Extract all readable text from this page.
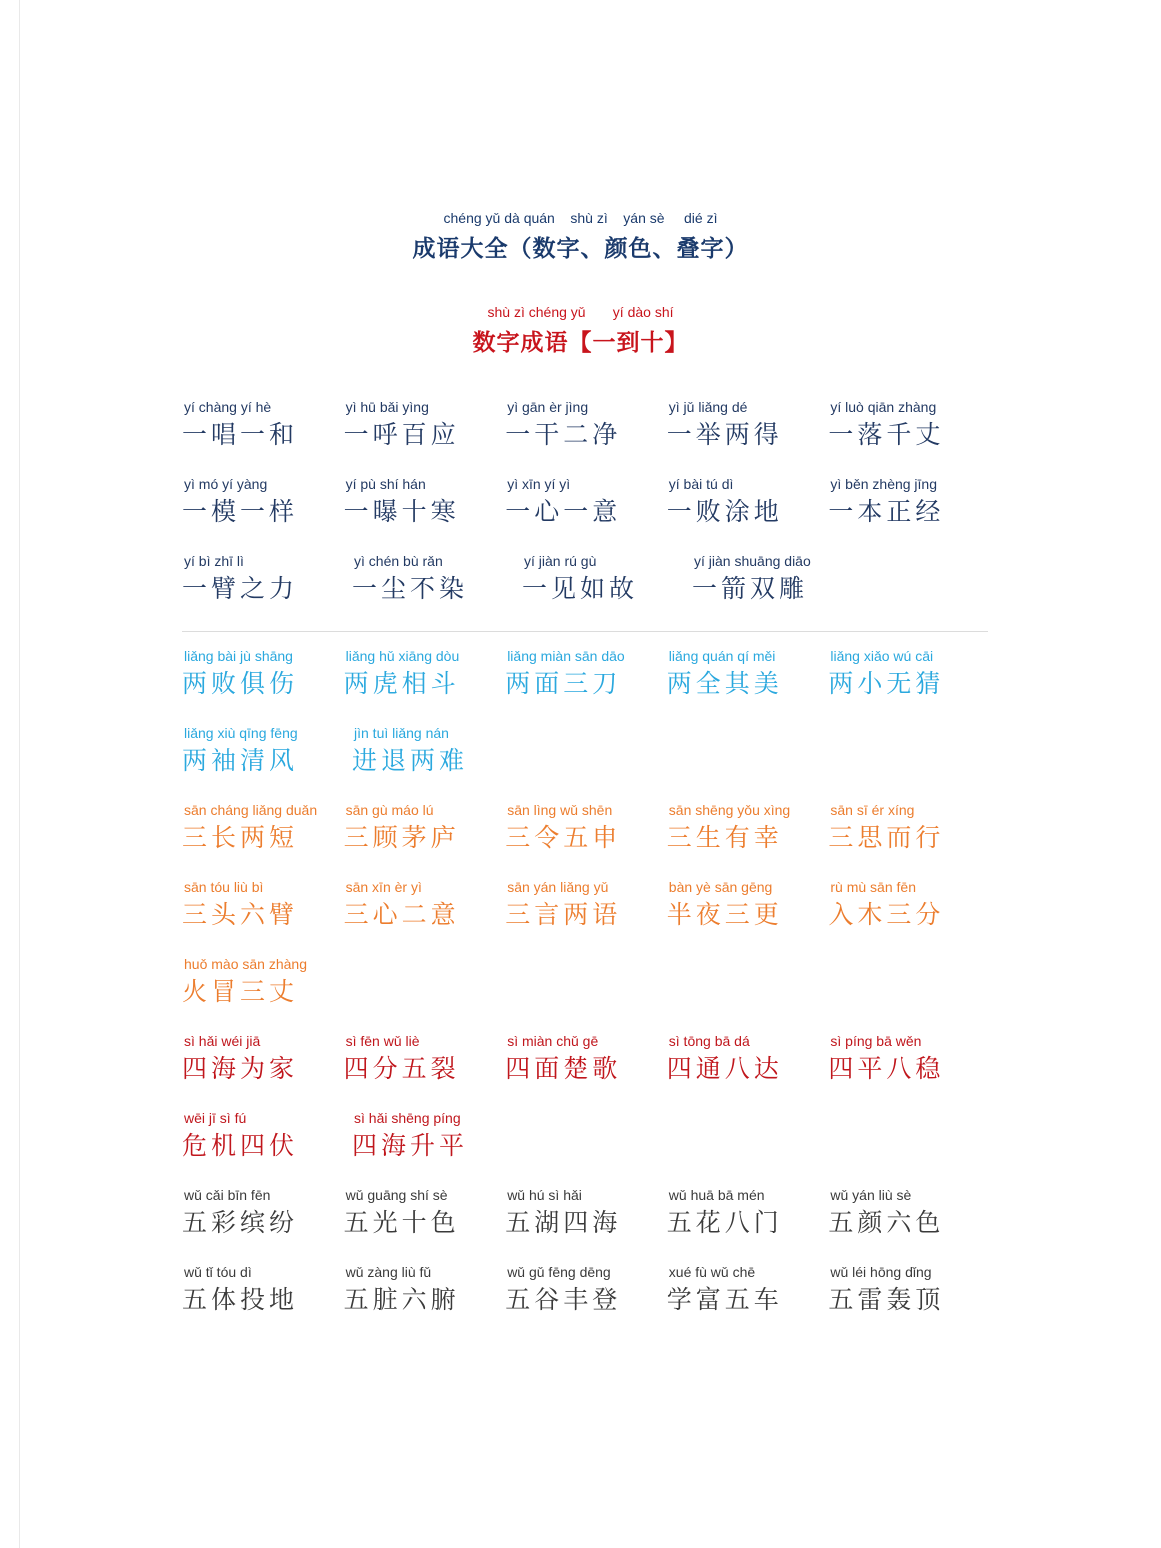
chéng yǔ dà quán    shù zì    yán sè     dié zì
成语大全（数字、颜色、叠字）
shù zì chéng yǔ       yí dào shí
数字成语【一到十】
yí chàng yí hè
一唱一和
yì hū bǎi yìng
一呼百应
yì gān èr jìng
一干二净
yì jǔ liǎng dé
一举两得
yí luò qiān zhàng
一落千丈
yì mó yí yàng
一模一样
yí pù shí hán
一曝十寒
yì xīn yí yì
一心一意
yí bài tú dì
一败涂地
yì běn zhèng jīng
一本正经
yí bì zhī lì
一臂之力
yì chén bù rǎn
一尘不染
yí jiàn rú gù
一见如故
yí jiàn shuāng diāo
一箭双雕
liǎng bài jù shāng
两败俱伤
liǎng hǔ xiāng dòu
两虎相斗
liǎng miàn sān dāo
两面三刀
liǎng quán qí měi
两全其美
liǎng xiǎo wú cāi
两小无猜
liǎng xiù qīng fēng
两袖清风
jìn tuì liǎng nán
进退两难
sān cháng liǎng duǎn
三长两短
sān gù máo lú
三顾茅庐
sān lìng wǔ shēn
三令五申
sān shēng yǒu xìng
三生有幸
sān sī ér xíng
三思而行
sān tóu liù bì
三头六臂
sān xīn èr yì
三心二意
sān yán liǎng yǔ
三言两语
bàn yè sān gēng
半夜三更
rù mù sān fēn
入木三分
huǒ mào sān zhàng
火冒三丈
sì hǎi wéi jiā
四海为家
sì fēn wǔ liè
四分五裂
sì miàn chǔ gē
四面楚歌
sì tōng bā dá
四通八达
sì píng bā wěn
四平八稳
wēi jī sì fú
危机四伏
sì hǎi shēng píng
四海升平
wǔ cǎi bīn fēn
五彩缤纷
wǔ guāng shí sè
五光十色
wǔ hú sì hǎi
五湖四海
wǔ huā bā mén
五花八门
wǔ yán liù sè
五颜六色
wǔ tǐ tóu dì
五体投地
wǔ zàng liù fǔ
五脏六腑
wǔ gǔ fēng dēng
五谷丰登
xué fù wǔ chē
学富五车
wǔ léi hōng dǐng
五雷轰顶
